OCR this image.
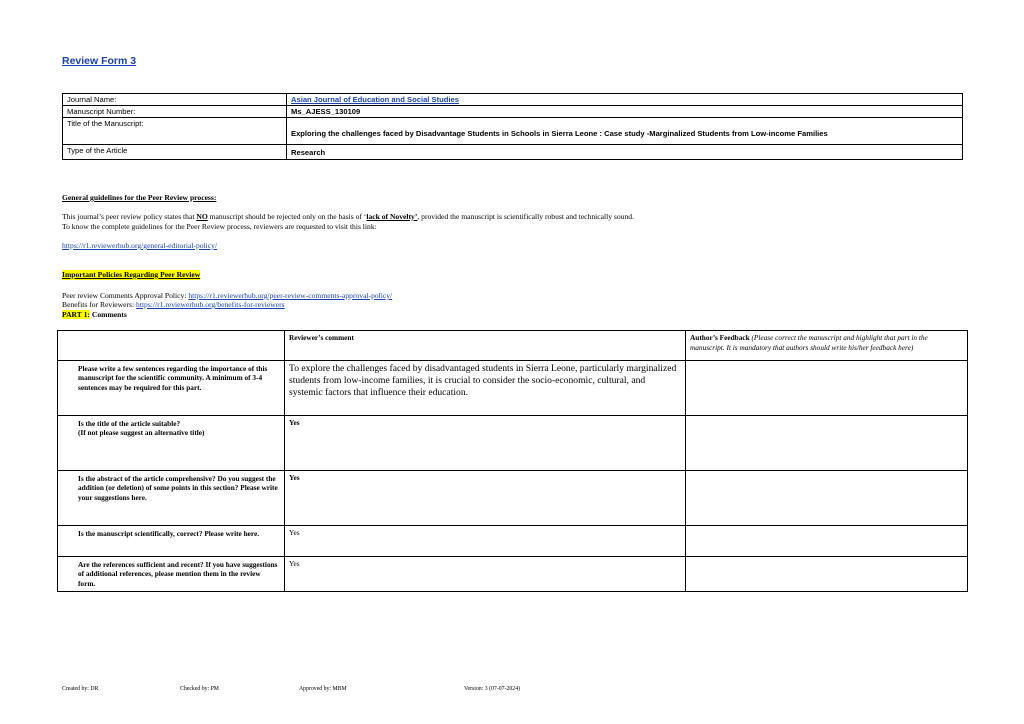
Review Form 3
Journal Name:	Asian Journal of Education and Social Studies
Manuscript Number:	Ms_AJESS_130109
Title of the Manuscript:	Exploring the challenges faced by Disadvantage Students in Schools in Sierra Leone : Case study -Marginalized Students from Low-income Families
Type of the Article	Research
General guidelines for the Peer Review process:
This journal’s peer review policy states that NO manuscript should be rejected only on the basis of ‘lack of Novelty’, provided the manuscript is scientifically robust and technically sound.
To know the complete guidelines for the Peer Review process, reviewers are requested to visit this link:
https://r1.reviewerhub.org/general-editorial-policy/
Important Policies Regarding Peer Review
Peer review Comments Approval Policy: https://r1.reviewerhub.org/peer-review-comments-approval-policy/
Benefits for Reviewers: https://r1.reviewerhub.org/benefits-for-reviewers
PART 1: Comments
	Reviewer’s comment	Author’s Feedback (Please correct the manuscript and highlight that part in the manuscript. It is mandatory that authors should write his/her feedback here)
Please write a few sentences regarding the importance of this manuscript for the scientific community. A minimum of 3-4 sentences may be required for this part.	To explore the challenges faced by disadvantaged students in Sierra Leone, particularly marginalized students from low-income families, it is crucial to consider the socio-economic, cultural, and systemic factors that influence their education.	
Is the title of the article suitable?
(If not please suggest an alternative title)	Yes	
Is the abstract of the article comprehensive? Do you suggest the addition (or deletion) of some points in this section? Please write your suggestions here.	Yes	
Is the manuscript scientifically, correct? Please write here.	Yes	
Are the references sufficient and recent? If you have suggestions of additional references, please mention them in the review form.	Yes	
Created by: DR	Checked by: PM	Approved by: MBM	Version: 3 (07-07-2024)
